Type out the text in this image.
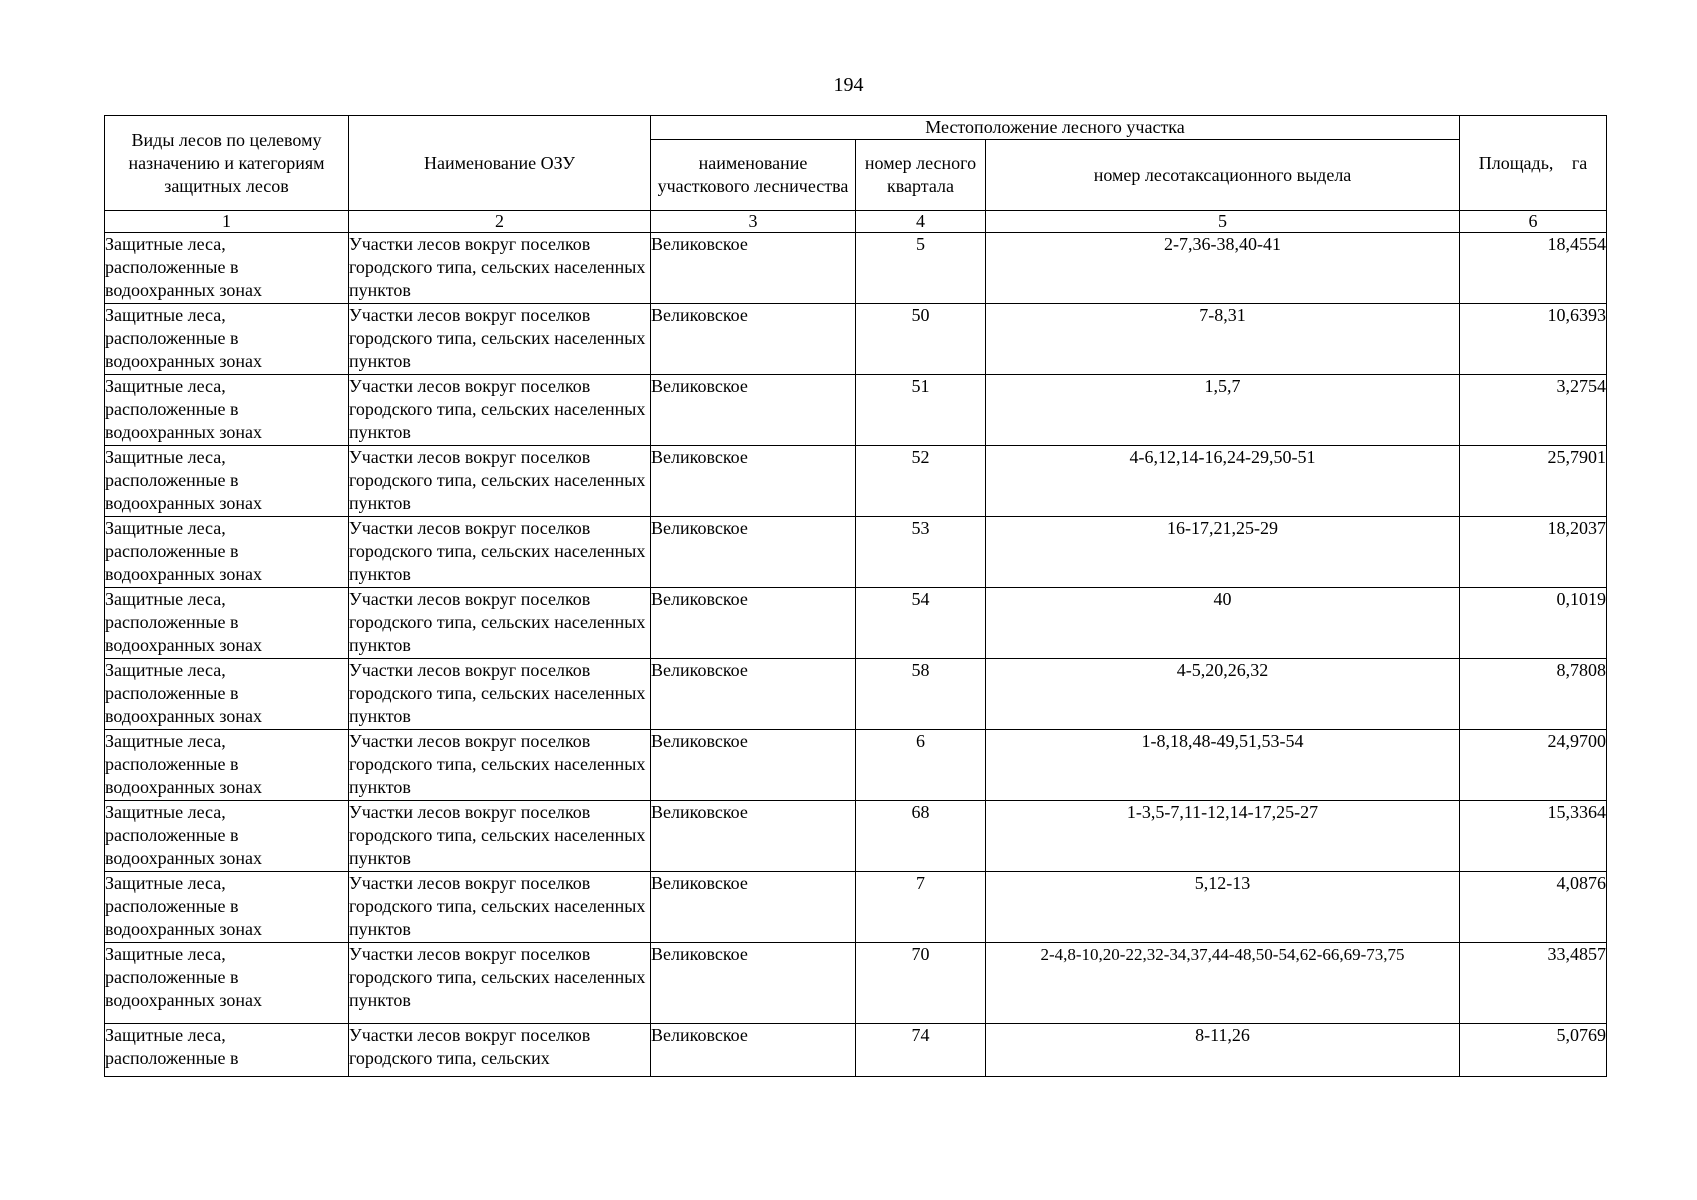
194
Виды лесов по целевому назначению и категориям защитных лесов	Наименование ОЗУ	Местоположение лесного участка			Площадь, га
		наименование участкового лесничества	номер лесного квартала	номер лесотаксационного выдела	
1	2	3	4	5	6
Защитные леса, расположенные в водоохранных зонах	Участки лесов вокруг поселков городского типа, сельских населенных пунктов	Великовское	5	2-7,36-38,40-41	18,4554
Защитные леса, расположенные в водоохранных зонах	Участки лесов вокруг поселков городского типа, сельских населенных пунктов	Великовское	50	7-8,31	10,6393
Защитные леса, расположенные в водоохранных зонах	Участки лесов вокруг поселков городского типа, сельских населенных пунктов	Великовское	51	1,5,7	3,2754
Защитные леса, расположенные в водоохранных зонах	Участки лесов вокруг поселков городского типа, сельских населенных пунктов	Великовское	52	4-6,12,14-16,24-29,50-51	25,7901
Защитные леса, расположенные в водоохранных зонах	Участки лесов вокруг поселков городского типа, сельских населенных пунктов	Великовское	53	16-17,21,25-29	18,2037
Защитные леса, расположенные в водоохранных зонах	Участки лесов вокруг поселков городского типа, сельских населенных пунктов	Великовское	54	40	0,1019
Защитные леса, расположенные в водоохранных зонах	Участки лесов вокруг поселков городского типа, сельских населенных пунктов	Великовское	58	4-5,20,26,32	8,7808
Защитные леса, расположенные в водоохранных зонах	Участки лесов вокруг поселков городского типа, сельских населенных пунктов	Великовское	6	1-8,18,48-49,51,53-54	24,9700
Защитные леса, расположенные в водоохранных зонах	Участки лесов вокруг поселков городского типа, сельских населенных пунктов	Великовское	68	1-3,5-7,11-12,14-17,25-27	15,3364
Защитные леса, расположенные в водоохранных зонах	Участки лесов вокруг поселков городского типа, сельских населенных пунктов	Великовское	7	5,12-13	4,0876
Защитные леса, расположенные в водоохранных зонах	Участки лесов вокруг поселков городского типа, сельских населенных пунктов	Великовское	70	2-4,8-10,20-22,32-34,37,44-48,50-54,62-66,69-73,75	33,4857
Защитные леса, расположенные в	Участки лесов вокруг поселков городского типа, сельских	Великовское	74	8-11,26	5,0769
